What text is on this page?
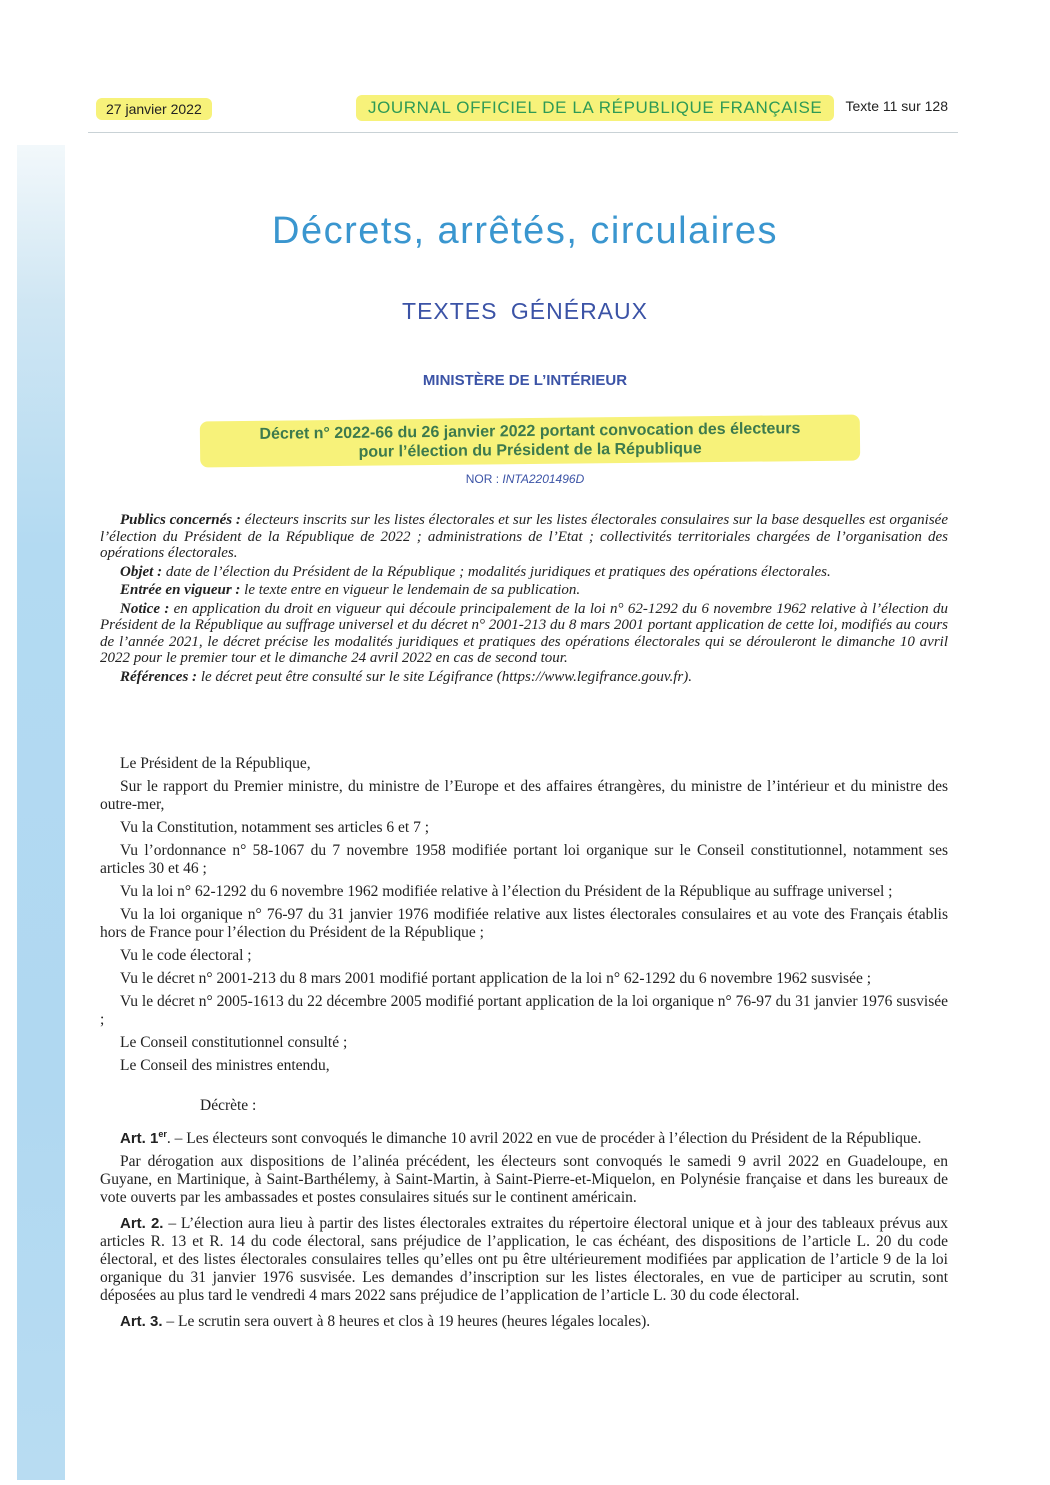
27 janvier 2022	JOURNAL OFFICIEL DE LA RÉPUBLIQUE FRANÇAISE	Texte 11 sur 128
Décrets, arrêtés, circulaires
TEXTES GÉNÉRAUX
MINISTÈRE DE L’INTÉRIEUR
Décret n° 2022-66 du 26 janvier 2022 portant convocation des électeurs
pour l’élection du Président de la République
NOR : INTA2201496D

Publics concernés : électeurs inscrits sur les listes électorales et sur les listes électorales consulaires sur la base desquelles est organisée l’élection du Président de la République de 2022 ; administrations de l’Etat ; collectivités territoriales chargées de l’organisation des opérations électorales.

Objet : date de l’élection du Président de la République ; modalités juridiques et pratiques des opérations électorales.

Entrée en vigueur : le texte entre en vigueur le lendemain de sa publication.

Notice : en application du droit en vigueur qui découle principalement de la loi n° 62-1292 du 6 novembre 1962 relative à l’élection du Président de la République au suffrage universel et du décret n° 2001-213 du 8 mars 2001 portant application de cette loi, modifiés au cours de l’année 2021, le décret précise les modalités juridiques et pratiques des opérations électorales qui se dérouleront le dimanche 10 avril 2022 pour le premier tour et le dimanche 24 avril 2022 en cas de second tour.

Références : le décret peut être consulté sur le site Légifrance (https://www.legifrance.gouv.fr).

Le Président de la République,

Sur le rapport du Premier ministre, du ministre de l’Europe et des affaires étrangères, du ministre de l’intérieur et du ministre des outre-mer,

Vu la Constitution, notamment ses articles 6 et 7 ;

Vu l’ordonnance n° 58-1067 du 7 novembre 1958 modifiée portant loi organique sur le Conseil constitutionnel, notamment ses articles 30 et 46 ;

Vu la loi n° 62-1292 du 6 novembre 1962 modifiée relative à l’élection du Président de la République au suffrage universel ;

Vu la loi organique n° 76-97 du 31 janvier 1976 modifiée relative aux listes électorales consulaires et au vote des Français établis hors de France pour l’élection du Président de la République ;

Vu le code électoral ;

Vu le décret n° 2001-213 du 8 mars 2001 modifié portant application de la loi n° 62-1292 du 6 novembre 1962 susvisée ;

Vu le décret n° 2005-1613 du 22 décembre 2005 modifié portant application de la loi organique n° 76-97 du 31 janvier 1976 susvisée ;

Le Conseil constitutionnel consulté ;

Le Conseil des ministres entendu,

Décrète :

Art. 1er. – Les électeurs sont convoqués le dimanche 10 avril 2022 en vue de procéder à l’élection du Président de la République.

Par dérogation aux dispositions de l’alinéa précédent, les électeurs sont convoqués le samedi 9 avril 2022 en Guadeloupe, en Guyane, en Martinique, à Saint-Barthélemy, à Saint-Martin, à Saint-Pierre-et-Miquelon, en Polynésie française et dans les bureaux de vote ouverts par les ambassades et postes consulaires situés sur le continent américain.

Art. 2. – L’élection aura lieu à partir des listes électorales extraites du répertoire électoral unique et à jour des tableaux prévus aux articles R. 13 et R. 14 du code électoral, sans préjudice de l’application, le cas échéant, des dispositions de l’article L. 20 du code électoral, et des listes électorales consulaires telles qu’elles ont pu être ultérieurement modifiées par application de l’article 9 de la loi organique du 31 janvier 1976 susvisée. Les demandes d’inscription sur les listes électorales, en vue de participer au scrutin, sont déposées au plus tard le vendredi 4 mars 2022 sans préjudice de l’application de l’article L. 30 du code électoral.

Art. 3. – Le scrutin sera ouvert à 8 heures et clos à 19 heures (heures légales locales).
